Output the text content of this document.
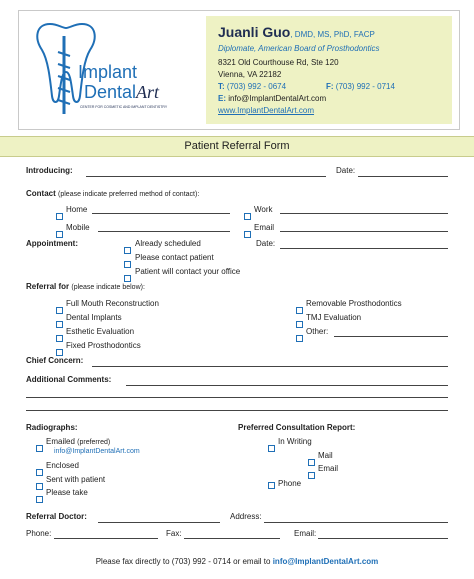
Implant
DentalArt
CENTER FOR COSMETIC AND IMPLANT DENTISTRY
Juanli Guo, DMD, MS, PhD, FACP
Diplomate, American Board of Prosthodontics
8321 Old Courthouse Rd, Ste 120
Vienna, VA 22182
T: (703) 992 - 0674	F: (703) 992 - 0714
E: info@ImplantDentalArt.com
www.ImplantDentalArt.com
Patient Referral Form
Introducing:	Date:
Contact (please indicate preferred method of contact):
Home	Work
Mobile	Email
Appointment:	Already scheduled	Date:
Please contact patient
Patient will contact your office
Referral for (please indicate below):
Full Mouth Reconstruction
Dental Implants
Esthetic Evaluation
Fixed Prosthodontics
Removable Prosthodontics
TMJ Evaluation
Other:
Chief Concern:
Additional Comments:
Radiographs:
Emailed (preferred)
info@ImplantDentalArt.com
Enclosed
Sent with patient
Please take
Preferred Consultation Report:
In Writing
Mail
Email
Phone
Referral Doctor:	Address:
Phone:	Fax:	Email:
Please fax directly to (703) 992 - 0714 or email to info@ImplantDentalArt.com
